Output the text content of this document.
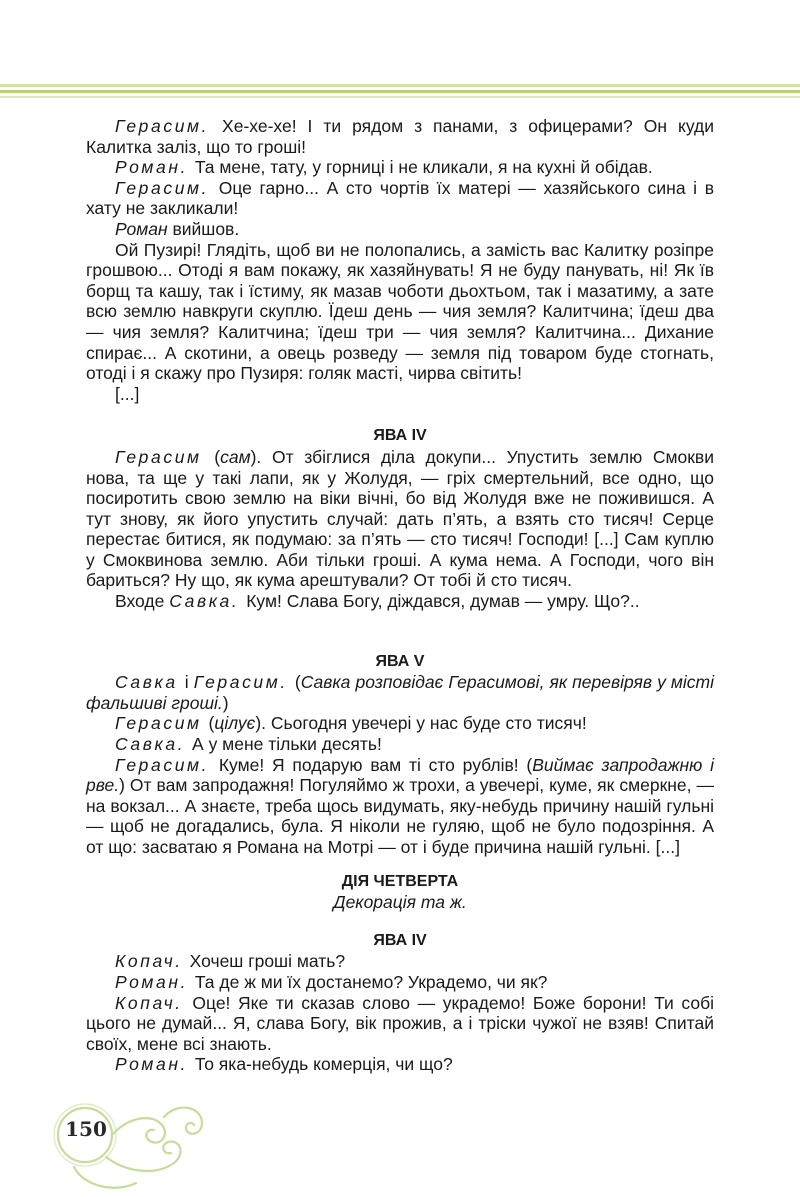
Герасим. Хе-хе-хе! І ти рядом з панами, з офицерами? Он куди Калитка заліз, що то гроші!

Роман. Та мене, тату, у горниці і не кликали, я на кухні й обідав.

Герасим. Оце гарно... А сто чортів їх матері — хазяйського сина і в хату не закликали!

Роман вийшов.

Ой Пузирі! Глядіть, щоб ви не полопались, а замість вас Калитку розіпре грошвою... Отоді я вам покажу, як хазяйнувать! Я не буду панувать, ні! Як їв борщ та кашу, так і їстиму, як мазав чоботи дьохтьом, так і мазатиму, а зате всю землю навкруги скуплю. Їдеш день — чия земля? Калитчина; їдеш два — чия земля? Калитчина; їдеш три — чия земля? Калитчина... Дихание спирає... А скотини, а овець розведу — земля під товаром буде стогнать, отоді і я скажу про Пузиря: голяк масті, чирва світить!

[...]

ЯВА IV

Герасим (сам). От збіглися діла докупи... Упустить землю Смокви нова, та ще у такі лапи, як у Жолудя, — гріх смертельний, все одно, що посиротить свою землю на віки вічні, бо від Жолудя вже не поживишся. А тут знову, як його упустить случай: дать п’ять, а взять сто тисяч! Серце перестає битися, як подумаю: за п’ять — сто тисяч! Господи! [...] Сам куплю у Смоквинова землю. Аби тільки гроші. А кума нема. А Господи, чого він бариться? Ну що, як кума арештували? От тобі й сто тисяч.

Входе Савка. Кум! Слава Богу, діждався, думав — умру. Що?..

ЯВА V

Савка і Герасим. (Савка розповідає Герасимові, як перевіряв у місті фальшиві гроші.)

Герасим (цілує). Сьогодня увечері у нас буде сто тисяч!

Савка. А у мене тільки десять!

Герасим. Куме! Я подарую вам ті сто рублів! (Виймає запродажню і рве.) От вам запродажня! Погуляймо ж трохи, а увечері, куме, як смеркне, — на вокзал... А знаєте, треба щось видумать, яку-небудь причину нашій гульні — щоб не догадались, була. Я ніколи не гуляю, щоб не було подозріння. А от що: засватаю я Романа на Мотрі — от і буде причина нашій гульні. [...]

ДІЯ ЧЕТВЕРТА

Декорація та ж.

ЯВА IV

Копач. Хочеш гроші мать?

Роман. Та де ж ми їх достанемо? Украдемо, чи як?

Копач. Оце! Яке ти сказав слово — украдемо! Боже борони! Ти собі цього не думай... Я, слава Богу, вік прожив, а і тріски чужої не взяв! Спитай своїх, мене всі знають.

Роман. То яка-небудь комерція, чи що?

150
